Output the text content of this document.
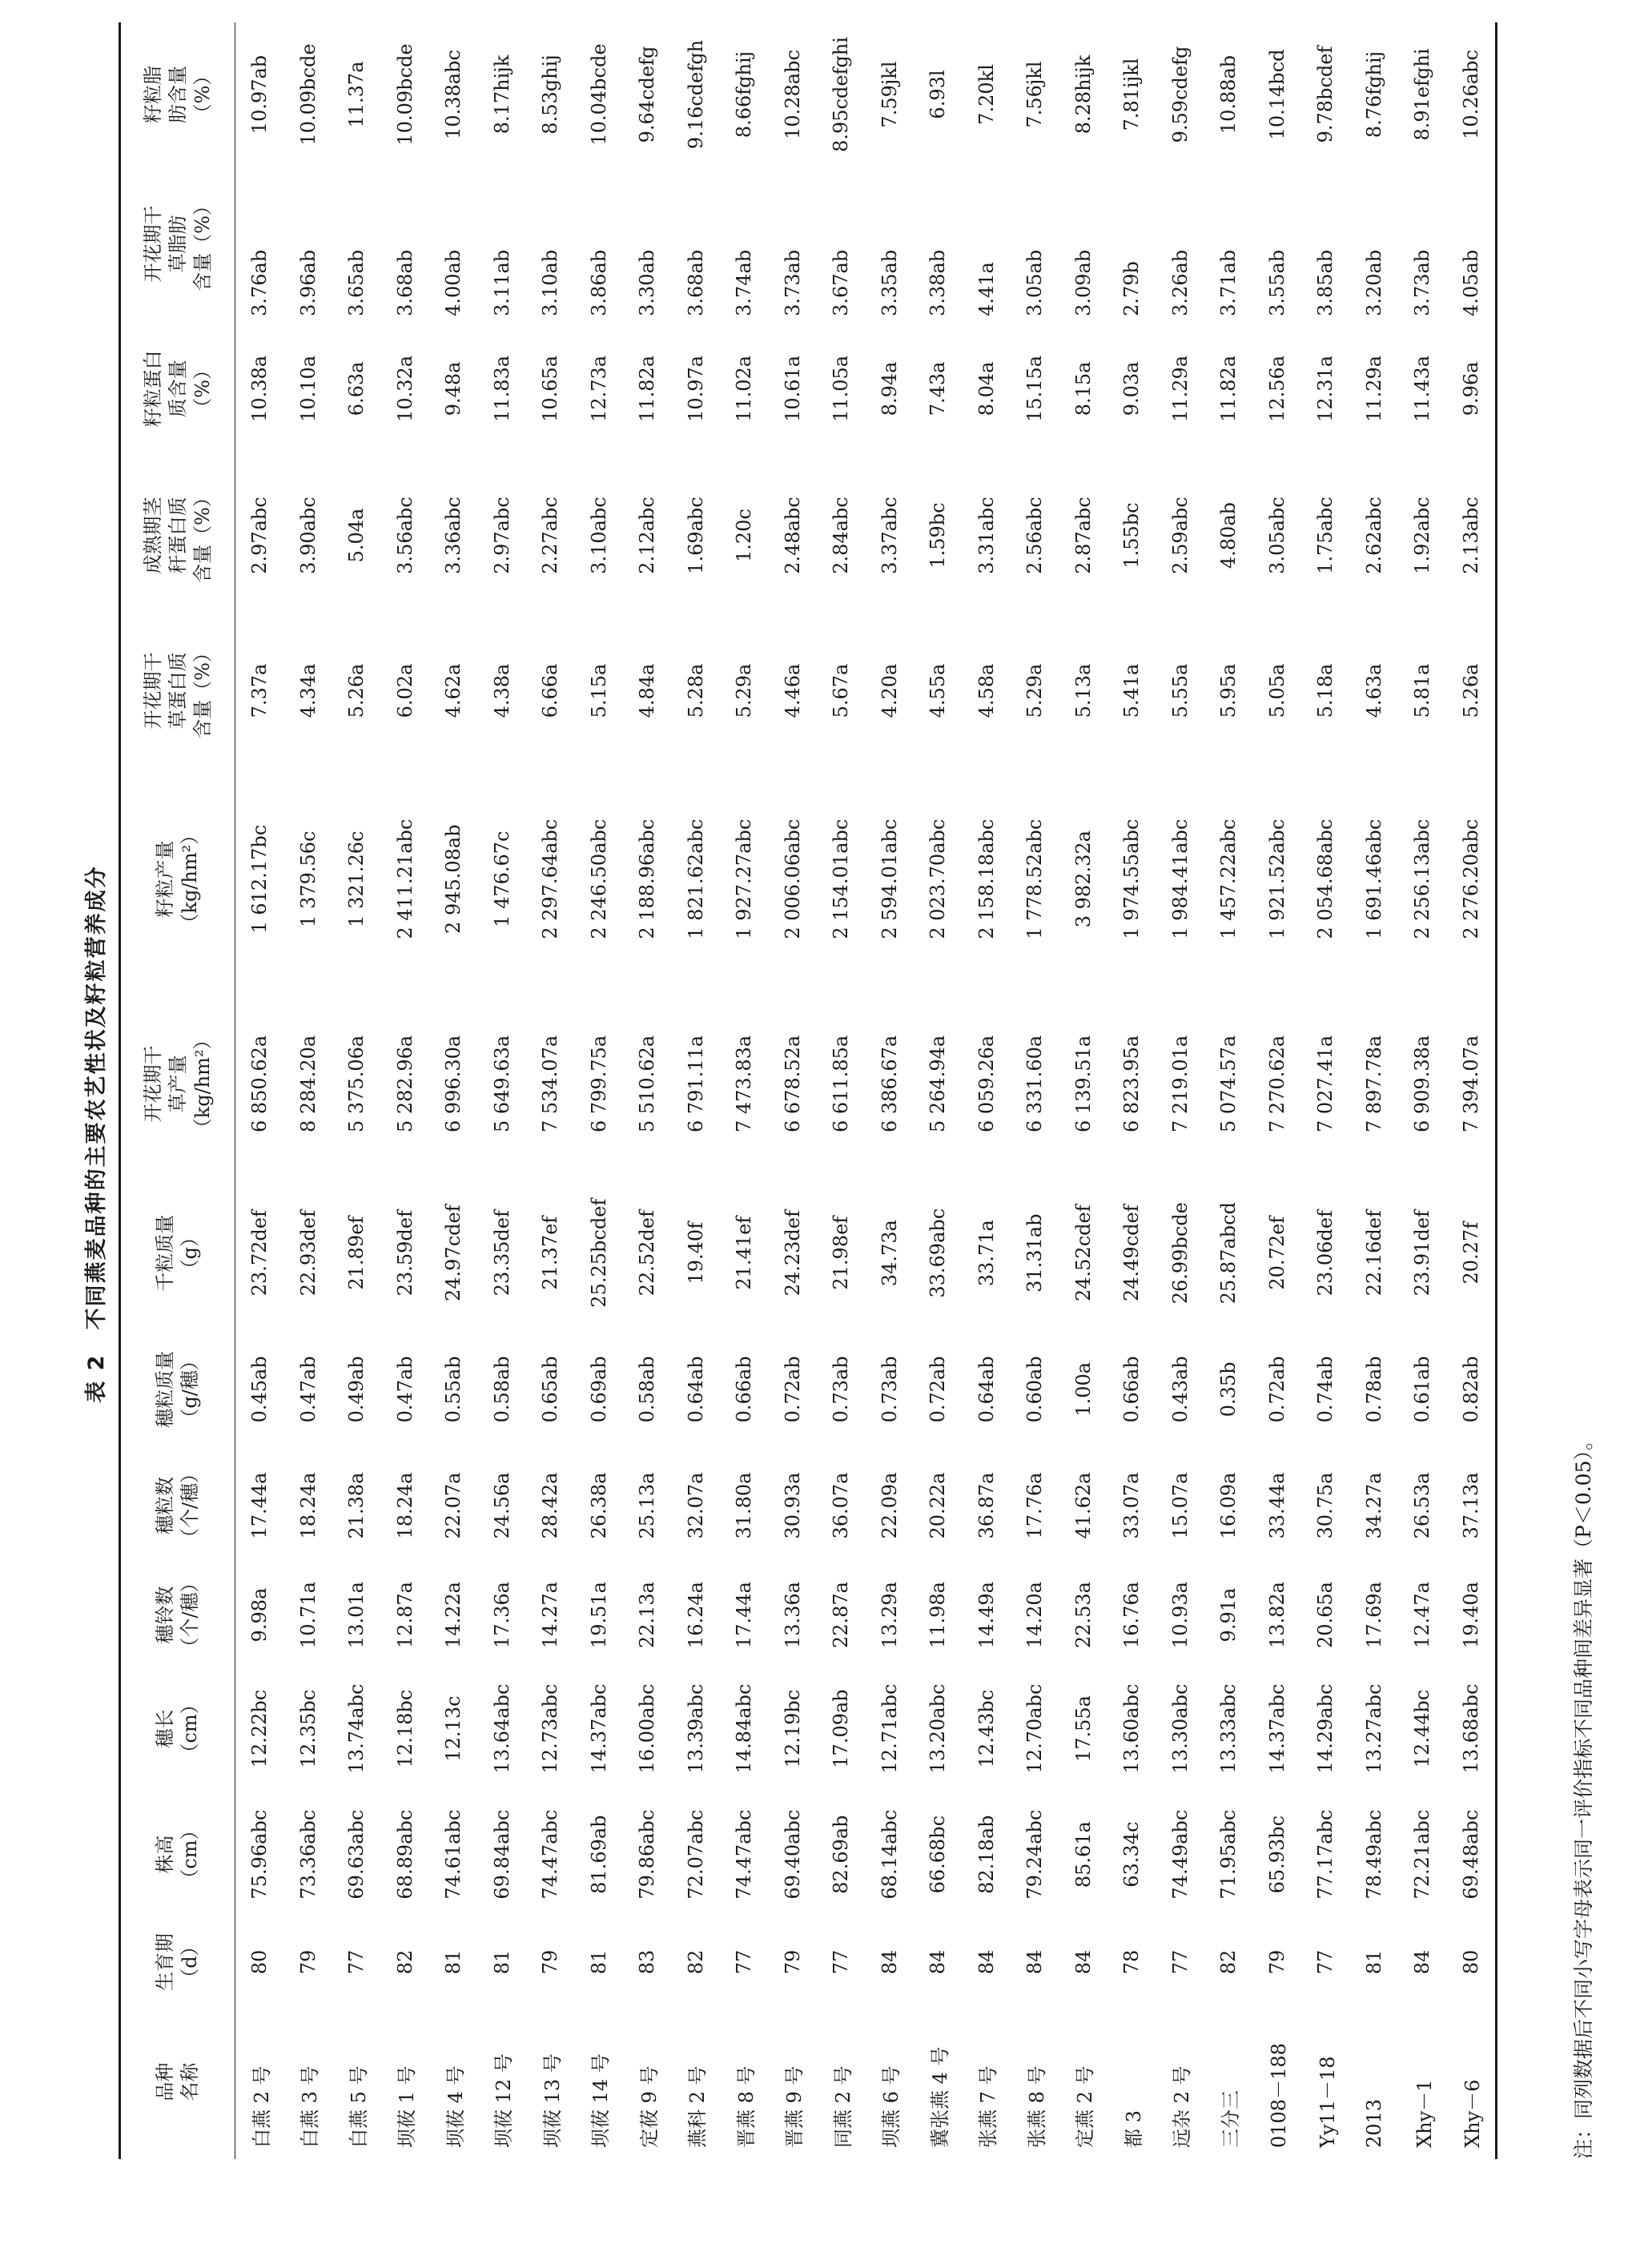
表 2不同燕麦品种的主要农艺性状及籽粒营养成分
品种 名称	生育期 （d）	株高 （cm）	穗长 （cm）	穗铃数 （个/穗）	穗粒数 （个/穗）	穗粒质量 （g/穗）	千粒质量 （g）	开花期干 草产量 （kg/hm²）	籽粒产量 （kg/hm²）	开花期干 草蛋白质 含量（%）	成熟期茎 秆蛋白质 含量（%）	籽粒蛋白 质含量 （%）	开花期干 草脂肪 含量（%）	籽粒脂 肪含量 （%）
白燕 2 号	80	75.96abc	12.22bc	9.98a	17.44a	0.45ab	23.72def	6 850.62a	1 612.17bc	7.37a	2.97abc	10.38a	3.76ab	10.97ab
白燕 3 号	79	73.36abc	12.35bc	10.71a	18.24a	0.47ab	22.93def	8 284.20a	1 379.56c	4.34a	3.90abc	10.10a	3.96ab	10.09bcde
白燕 5 号	77	69.63abc	13.74abc	13.01a	21.38a	0.49ab	21.89ef	5 375.06a	1 321.26c	5.26a	5.04a	6.63a	3.65ab	11.37a
坝莜 1 号	82	68.89abc	12.18bc	12.87a	18.24a	0.47ab	23.59def	5 282.96a	2 411.21abc	6.02a	3.56abc	10.32a	3.68ab	10.09bcde
坝莜 4 号	81	74.61abc	12.13c	14.22a	22.07a	0.55ab	24.97cdef	6 996.30a	2 945.08ab	4.62a	3.36abc	9.48a	4.00ab	10.38abc
坝莜 12 号	81	69.84abc	13.64abc	17.36a	24.56a	0.58ab	23.35def	5 649.63a	1 476.67c	4.38a	2.97abc	11.83a	3.11ab	8.17hijk
坝莜 13 号	79	74.47abc	12.73abc	14.27a	28.42a	0.65ab	21.37ef	7 534.07a	2 297.64abc	6.66a	2.27abc	10.65a	3.10ab	8.53ghij
坝莜 14 号	81	81.69ab	14.37abc	19.51a	26.38a	0.69ab	25.25bcdef	6 799.75a	2 246.50abc	5.15a	3.10abc	12.73a	3.86ab	10.04bcde
定莜 9 号	83	79.86abc	16.00abc	22.13a	25.13a	0.58ab	22.52def	5 510.62a	2 188.96abc	4.84a	2.12abc	11.82a	3.30ab	9.64cdefg
燕科 2 号	82	72.07abc	13.39abc	16.24a	32.07a	0.64ab	19.40f	6 791.11a	1 821.62abc	5.28a	1.69abc	10.97a	3.68ab	9.16cdefgh
晋燕 8 号	77	74.47abc	14.84abc	17.44a	31.80a	0.66ab	21.41ef	7 473.83a	1 927.27abc	5.29a	1.20c	11.02a	3.74ab	8.66fghij
晋燕 9 号	79	69.40abc	12.19bc	13.36a	30.93a	0.72ab	24.23def	6 678.52a	2 006.06abc	4.46a	2.48abc	10.61a	3.73ab	10.28abc
同燕 2 号	77	82.69ab	17.09ab	22.87a	36.07a	0.73ab	21.98ef	6 611.85a	2 154.01abc	5.67a	2.84abc	11.05a	3.67ab	8.95cdefghi
坝燕 6 号	84	68.14abc	12.71abc	13.29a	22.09a	0.73ab	34.73a	6 386.67a	2 594.01abc	4.20a	3.37abc	8.94a	3.35ab	7.59jkl
冀张燕 4 号	84	66.68bc	13.20abc	11.98a	20.22a	0.72ab	33.69abc	5 264.94a	2 023.70abc	4.55a	1.59bc	7.43a	3.38ab	6.93l
张燕 7 号	84	82.18ab	12.43bc	14.49a	36.87a	0.64ab	33.71a	6 059.26a	2 158.18abc	4.58a	3.31abc	8.04a	4.41a	7.20kl
张燕 8 号	84	79.24abc	12.70abc	14.20a	17.76a	0.60ab	31.31ab	6 331.60a	1 778.52abc	5.29a	2.56abc	15.15a	3.05ab	7.56jkl
定燕 2 号	84	85.61a	17.55a	22.53a	41.62a	1.00a	24.52cdef	6 139.51a	3 982.32a	5.13a	2.87abc	8.15a	3.09ab	8.28hijk
都 3	78	63.34c	13.60abc	16.76a	33.07a	0.66ab	24.49cdef	6 823.95a	1 974.55abc	5.41a	1.55bc	9.03a	2.79b	7.81ijkl
远杂 2 号	77	74.49abc	13.30abc	10.93a	15.07a	0.43ab	26.99bcde	7 219.01a	1 984.41abc	5.55a	2.59abc	11.29a	3.26ab	9.59cdefg
三分三	82	71.95abc	13.33abc	9.91a	16.09a	0.35b	25.87abcd	5 074.57a	1 457.22abc	5.95a	4.80ab	11.82a	3.71ab	10.88ab
0108－188	79	65.93bc	14.37abc	13.82a	33.44a	0.72ab	20.72ef	7 270.62a	1 921.52abc	5.05a	3.05abc	12.56a	3.55ab	10.14bcd
Yy11－18	77	77.17abc	14.29abc	20.65a	30.75a	0.74ab	23.06def	7 027.41a	2 054.68abc	5.18a	1.75abc	12.31a	3.85ab	9.78bcdef
2013	81	78.49abc	13.27abc	17.69a	34.27a	0.78ab	22.16def	7 897.78a	1 691.46abc	4.63a	2.62abc	11.29a	3.20ab	8.76fghij
Xhy－1	84	72.21abc	12.44bc	12.47a	26.53a	0.61ab	23.91def	6 909.38a	2 256.13abc	5.81a	1.92abc	11.43a	3.73ab	8.91efghi
Xhy－6	80	69.48abc	13.68abc	19.40a	37.13a	0.82ab	20.27f	7 394.07a	2 276.20abc	5.26a	2.13abc	9.96a	4.05ab	10.26abc
注：同列数据后不同小写字母表示同一评价指标不同品种间差异显著（P＜0.05）。
